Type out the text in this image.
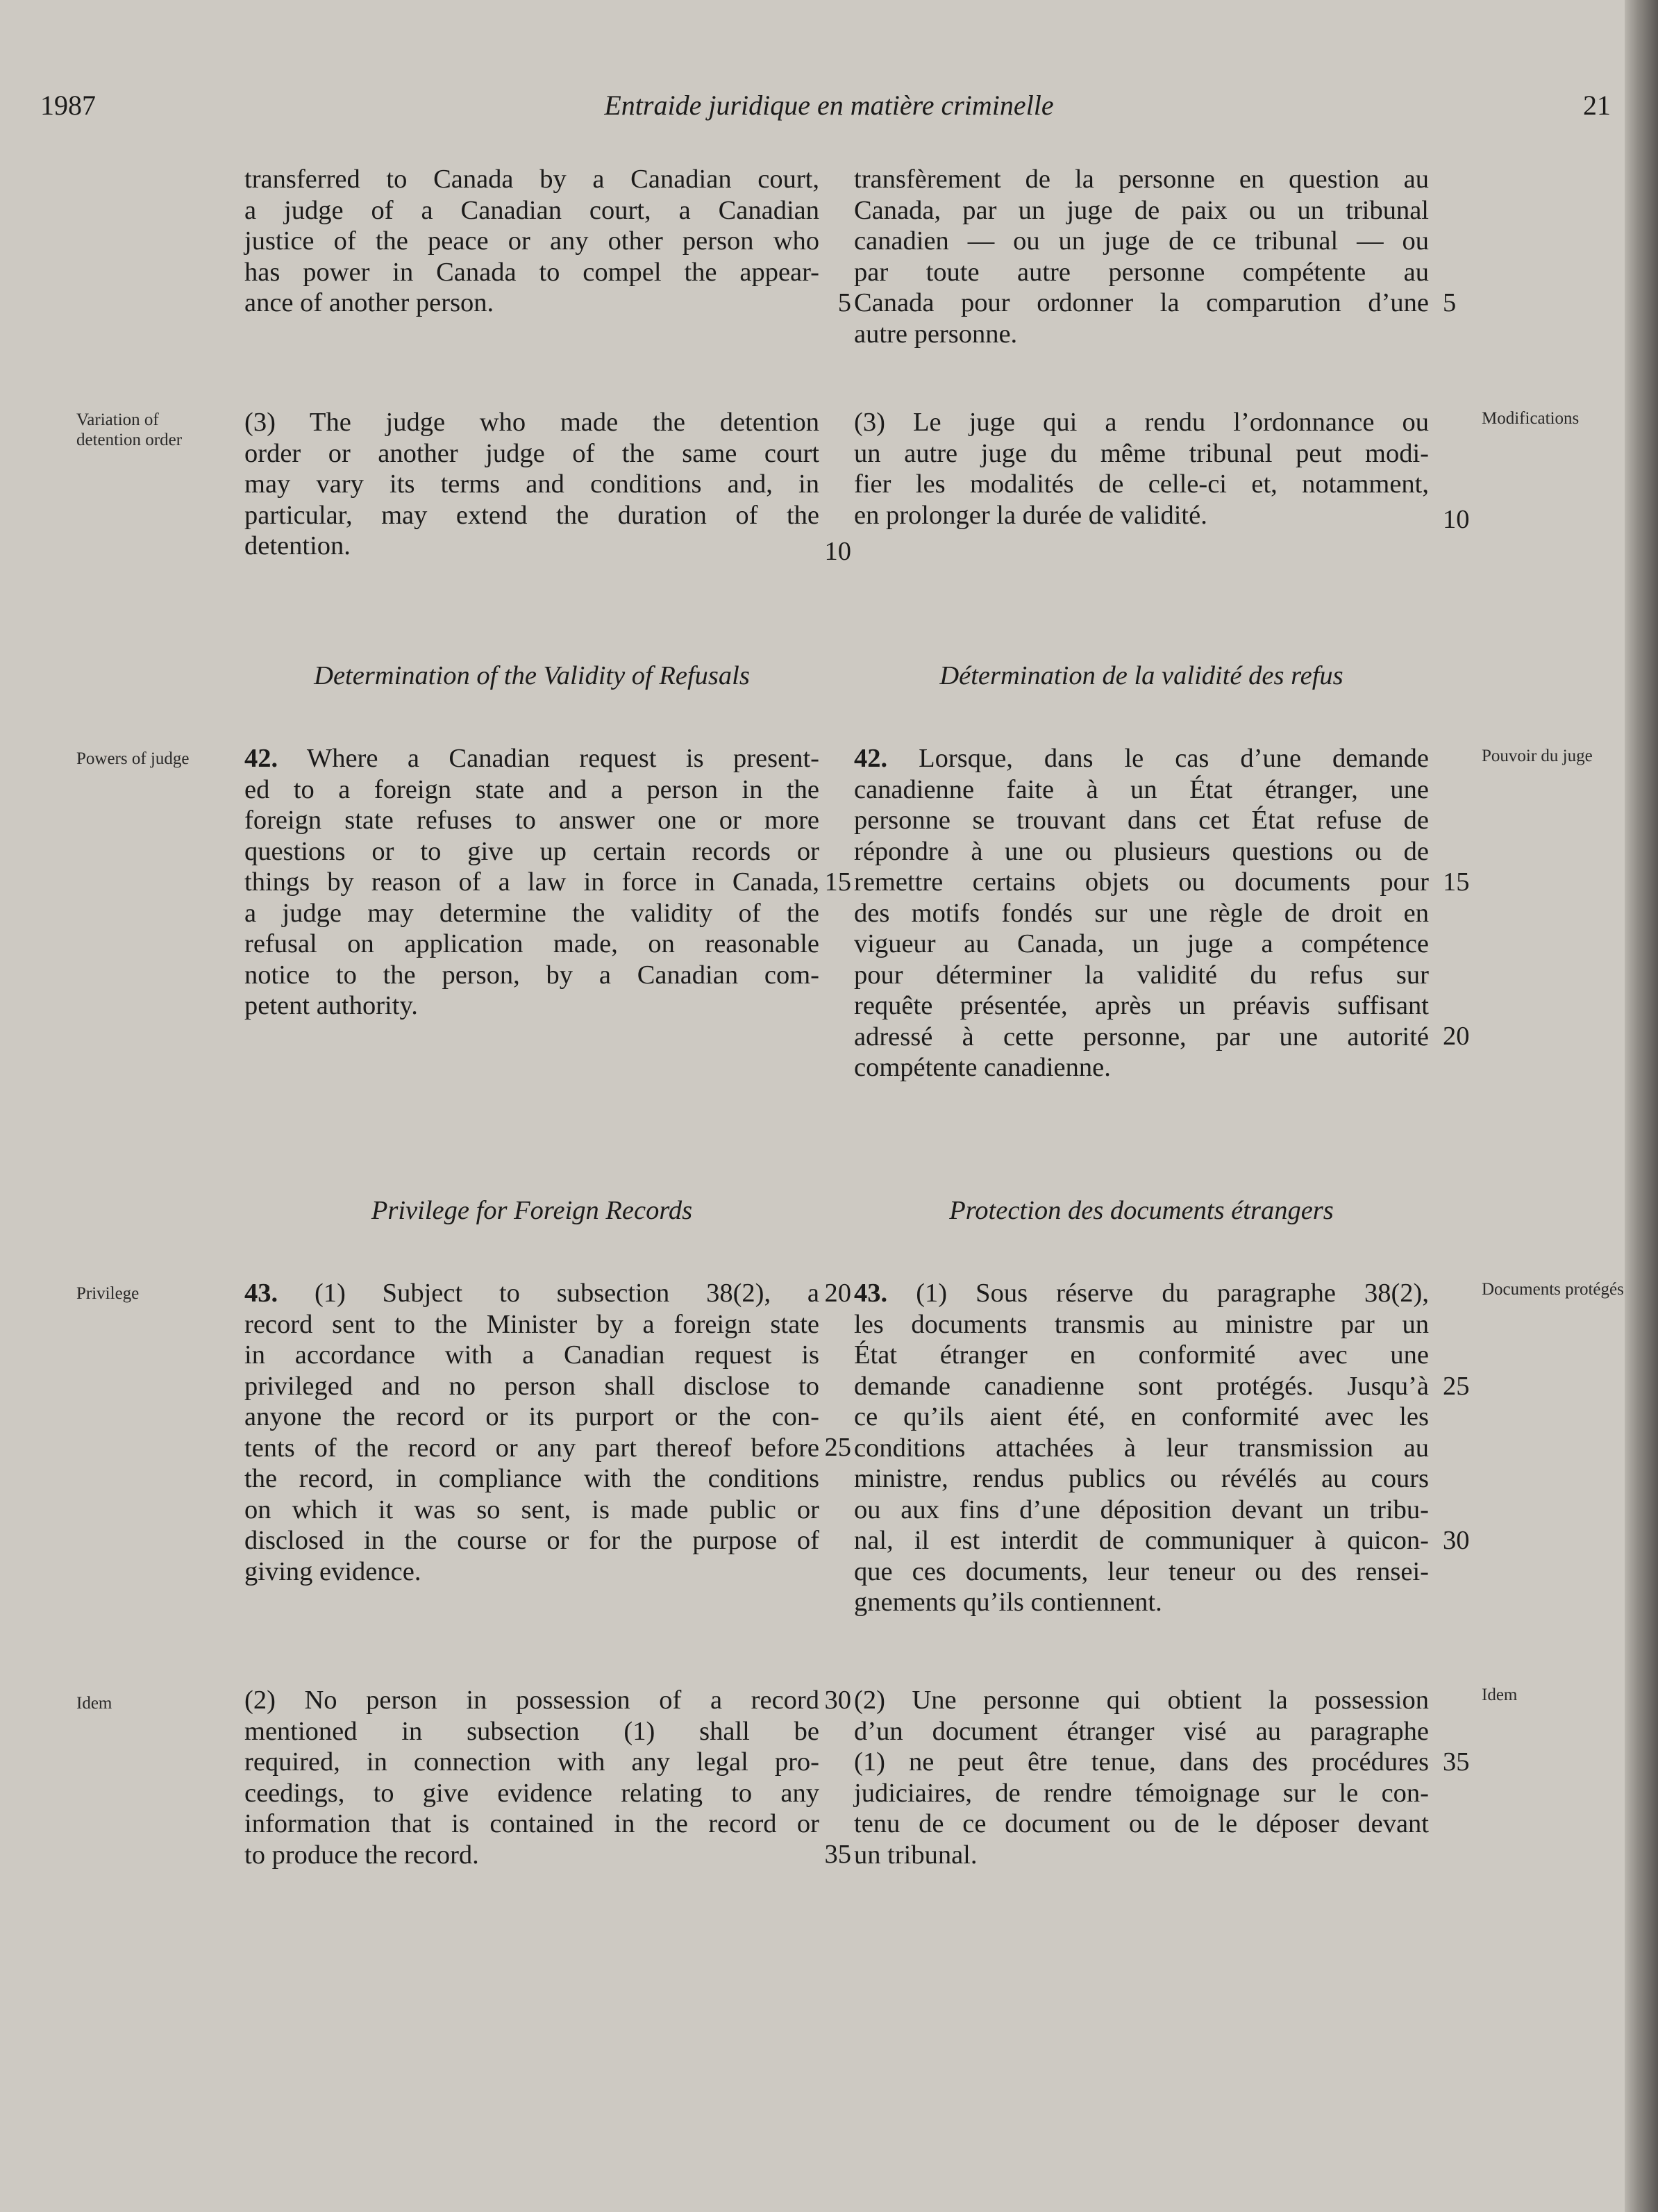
1987	Entraide juridique en matière criminelle	21

transferred to Canada by a Canadian court,
a judge of a Canadian court, a Canadian
justice of the peace or any other person who
has power in Canada to compel the appear-
ance of another person.	5

transfèrement de la personne en question au
Canada, par un juge de paix ou un tribunal
canadien — ou un juge de ce tribunal — ou
par toute autre personne compétente au
Canada pour ordonner la comparution d’une
autre personne.

5
Variation of detention order
Modifications

(3) The judge who made the detention
order or another judge of the same court
may vary its terms and conditions and, in
particular, may extend the duration of the
detention.	10

(3) Le juge qui a rendu l’ordonnance ou
un autre juge du même tribunal peut modi-
fier les modalités de celle-ci et, notamment,
en prolonger la durée de validité.	10
Determination of the Validity of Refusals	Détermination de la validité des refus
Powers of judge	Pouvoir du juge

42. Where a Canadian request is present-
ed to a foreign state and a person in the
foreign state refuses to answer one or more
questions or to give up certain records or
things by reason of a law in force in Canada,
a judge may determine the validity of the
refusal on application made, on reasonable
notice to the person, by a Canadian com-
petent authority.

15

42. Lorsque, dans le cas d’une demande
canadienne faite à un État étranger, une
personne se trouvant dans cet État refuse de
répondre à une ou plusieurs questions ou de
remettre certains objets ou documents pour
des motifs fondés sur une règle de droit en
vigueur au Canada, un juge a compétence
pour déterminer la validité du refus sur
requête présentée, après un préavis suffisant
adressé à cette personne, par une autorité
compétente canadienne.

15
20
Privilege for Foreign Records	Protection des documents étrangers
Privilege	Documents protégés

43. (1) Subject to subsection 38(2), a
record sent to the Minister by a foreign state
in accordance with a Canadian request is
privileged and no person shall disclose to
anyone the record or its purport or the con-
tents of the record or any part thereof before
the record, in compliance with the conditions
on which it was so sent, is made public or
disclosed in the course or for the purpose of
giving evidence.

20
25

43. (1) Sous réserve du paragraphe 38(2),
les documents transmis au ministre par un
État étranger en conformité avec une
demande canadienne sont protégés. Jusqu’à
ce qu’ils aient été, en conformité avec les
conditions attachées à leur transmission au
ministre, rendus publics ou révélés au cours
ou aux fins d’une déposition devant un tribu-
nal, il est interdit de communiquer à quicon-
que ces documents, leur teneur ou des rensei-
gnements qu’ils contiennent.

25
30
Idem	Idem

(2) No person in possession of a record
mentioned in subsection (1) shall be
required, in connection with any legal pro-
ceedings, to give evidence relating to any
information that is contained in the record or
to produce the record.

30
35

(2) Une personne qui obtient la possession
d’un document étranger visé au paragraphe
(1) ne peut être tenue, dans des procédures
judiciaires, de rendre témoignage sur le con-
tenu de ce document ou de le déposer devant
un tribunal.

35
